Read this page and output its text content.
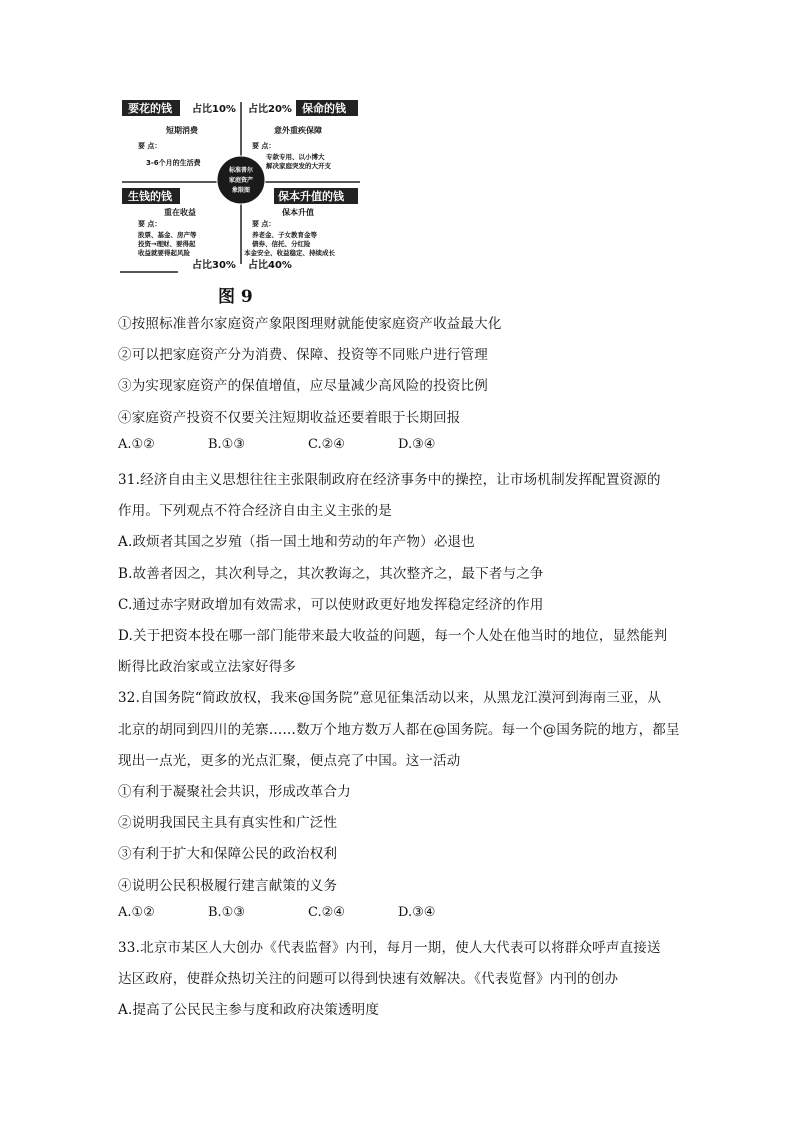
要花的钱 占比10%
短期消费
要 点：
3-6个月的生活费
占比20% 保命的钱
意外重疾保障
要 点：
专款专用、以小博大
解决家庭突发的大开支
标准普尔
家庭资产
象限图
生钱的钱
重在收益
要 点：
股票、基金、房产等
投资→理财、要得起
收益就要得起风险
占比30%
保本升值的钱
保本升值
要 点：
养老金、子女教育金等
债券、信托、分红险
本金安全、收益稳定、持续成长
占比40%
图 9
①按照标准普尔家庭资产象限图理财就能使家庭资产收益最大化
②可以把家庭资产分为消费、保障、投资等不同账户进行管理
③为实现家庭资产的保值增值，应尽量减少高风险的投资比例
④家庭资产投资不仅要关注短期收益还要着眼于长期回报
A.①②	B.①③	C.②④	D.③④
31.经济自由主义思想往往主张限制政府在经济事务中的操控，让市场机制发挥配置资源的
作用。下列观点不符合经济自由主义主张的是
A.政烦者其国之岁殖（指一国土地和劳动的年产物）必退也
B.故善者因之，其次利导之，其次教诲之，其次整齐之，最下者与之争
C.通过赤字财政增加有效需求，可以使财政更好地发挥稳定经济的作用
D.关于把资本投在哪一部门能带来最大收益的问题，每一个人处在他当时的地位，显然能判
断得比政治家或立法家好得多
32.自国务院“简政放权，我来@国务院”意见征集活动以来，从黑龙江漠河到海南三亚，从
北京的胡同到四川的羌寨……数万个地方数万人都在@国务院。每一个@国务院的地方，都呈
现出一点光，更多的光点汇聚，便点亮了中国。这一活动
①有利于凝聚社会共识，形成改革合力
②说明我国民主具有真实性和广泛性
③有利于扩大和保障公民的政治权利
④说明公民积极履行建言献策的义务
A.①②	B.①③	C.②④	D.③④
33.北京市某区人大创办《代表监督》内刊，每月一期，使人大代表可以将群众呼声直接送
达区政府，使群众热切关注的问题可以得到快速有效解决。《代表览督》内刊的创办
A.提高了公民民主参与度和政府决策透明度
